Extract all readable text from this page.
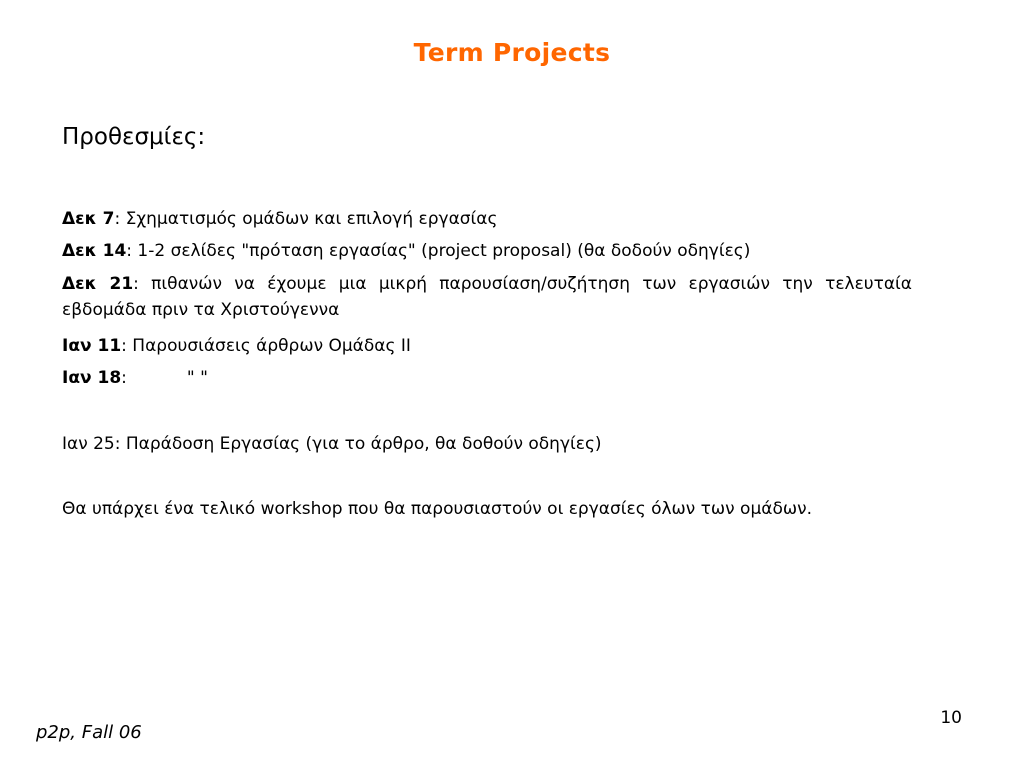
Term Projects
Προθεσμίες:
Δεκ 7: Σχηματισμός ομάδων και επιλογή εργασίας
Δεκ 14: 1-2 σελίδες "πρόταση εργασίας" (project proposal) (θα δοδούν οδηγίες)
Δεκ 21: πιθανών να έχουμε μια μικρή παρουσίαση/συζήτηση των εργασιών την τελευταία εβδομάδα πριν τα Χριστούγεννα
Ιαν 11: Παρουσιάσεις άρθρων Ομάδας ΙΙ
Ιαν 18:	" "
Ιαν 25: Παράδοση Εργασίας (για το άρθρο, θα δοθούν οδηγίες)
Θα υπάρχει ένα τελικό workshop που θα παρουσιαστούν οι εργασίες όλων των ομάδων.
p2p, Fall 06
10
